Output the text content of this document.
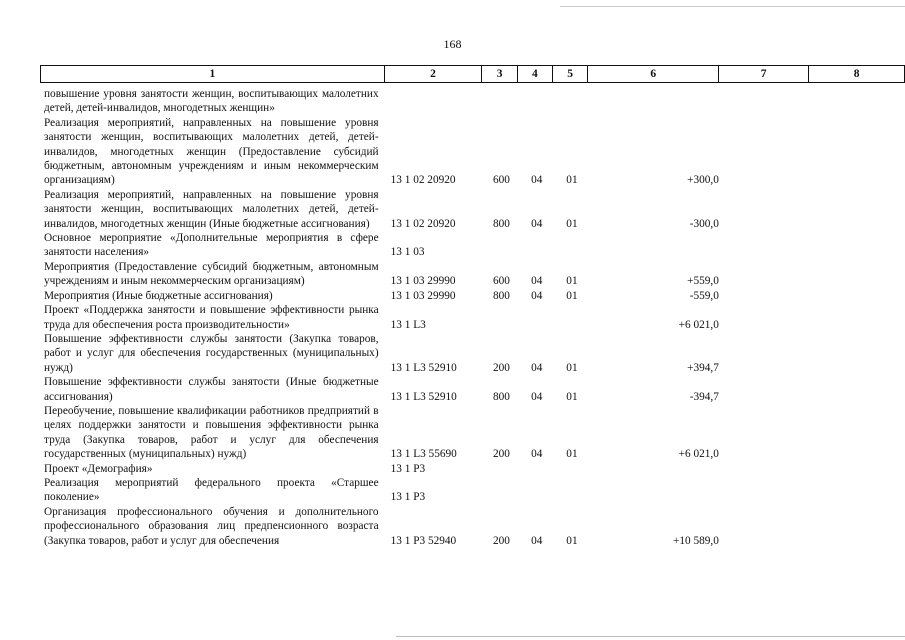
168
1	2	3	4	5	6	7	8
повышение уровня занятости женщин, воспитывающих малолетних детей, детей-инвалидов, многодетных женщин»							
Реализация мероприятий, направленных на повышение уровня занятости женщин, воспитывающих малолетних детей, детей-инвалидов, многодетных женщин (Предоставление субсидий бюджетным, автономным учреждениям и иным некоммерческим организациям)	13 1 02 20920	600	04	01	+300,0		
Реализация мероприятий, направленных на повышение уровня занятости женщин, воспитывающих малолетних детей, детей-инвалидов, многодетных женщин (Иные бюджетные ассигнования)	13 1 02 20920	800	04	01	-300,0		
Основное мероприятие «Дополнительные мероприятия в сфере занятости населения»	13 1 03						
Мероприятия (Предоставление субсидий бюджетным, автономным учреждениям и иным некоммерческим организациям)	13 1 03 29990	600	04	01	+559,0		
Мероприятия (Иные бюджетные ассигнования)	13 1 03 29990	800	04	01	-559,0		
Проект «Поддержка занятости и повышение эффективности рынка труда для обеспечения роста производительности»	13 1 L3				+6 021,0		
Повышение эффективности службы занятости (Закупка товаров, работ и услуг для обеспечения государственных (муниципальных) нужд)	13 1 L3 52910	200	04	01	+394,7		
Повышение эффективности службы занятости (Иные бюджетные ассигнования)	13 1 L3 52910	800	04	01	-394,7		
Переобучение, повышение квалификации работников предприятий в целях поддержки занятости и повышения эффективности рынка труда (Закупка товаров, работ и услуг для обеспечения государственных (муниципальных) нужд)	13 1 L3 55690	200	04	01	+6 021,0		
Проект «Демография»	13 1 P3						
Реализация мероприятий федерального проекта «Старшее поколение»	13 1 P3						
Организация профессионального обучения и дополнительного профессионального образования лиц предпенсионного возраста (Закупка товаров, работ и услуг для обеспечения	13 1 P3 52940	200	04	01	+10 589,0		
